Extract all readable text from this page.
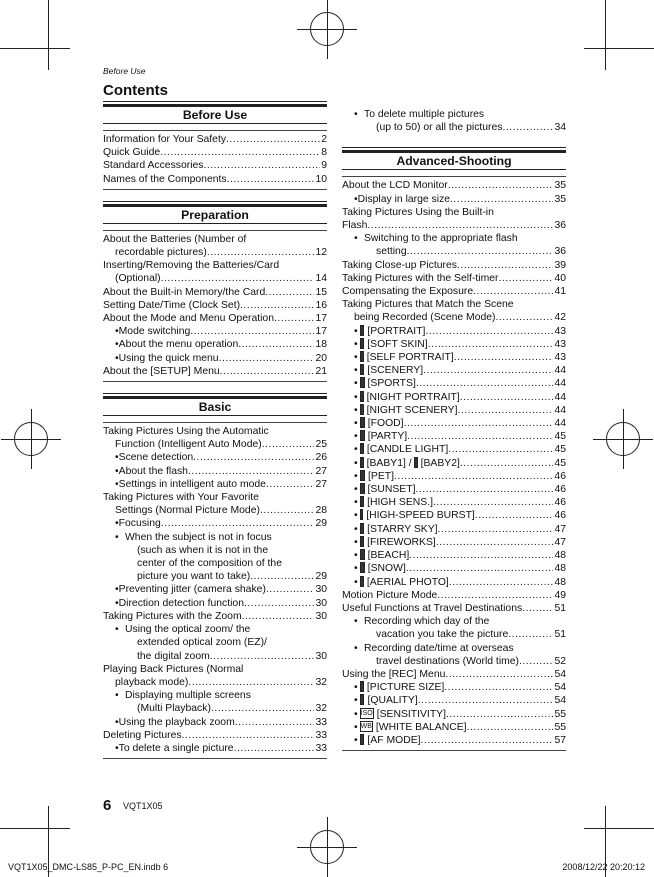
Before Use
Contents
Before Use
Information for Your Safety .....	2
Quick Guide .....	8
Standard Accessories .....	9
Names of the Components .....	10
Preparation
About the Batteries (Number of
recordable pictures) .....	12
Inserting/Removing the Batteries/Card
(Optional) .....	14
About the Built-in Memory/the Card .....	15
Setting Date/Time (Clock Set) .....	16
About the Mode and Menu Operation .....	17
• Mode switching .....	17
• About the menu operation .....	18
• Using the quick menu .....	20
About the [SETUP] Menu .....	21
Basic
Taking Pictures Using the Automatic
Function (Intelligent Auto Mode) .....	25
• Scene detection .....	26
• About the flash .....	27
• Settings in intelligent auto mode .....	27
Taking Pictures with Your Favorite
Settings (Normal Picture Mode) .....	28
• Focusing .....	29
• When the subject is not in focus
(such as when it is not in the
center of the composition of the
picture you want to take) .....	29
• Preventing jitter (camera shake) .....	30
• Direction detection function .....	30
Taking Pictures with the Zoom .....	30
• Using the optical zoom/ the
extended optical zoom (EZ)/
the digital zoom .....	30
Playing Back Pictures (Normal
playback mode) .....	32
• Displaying multiple screens
(Multi Playback) .....	32
• Using the playback zoom .....	33
Deleting Pictures .....	33
• To delete a single picture .....	33
• To delete multiple pictures
(up to 50) or all the pictures .....	34
Advanced-Shooting
About the LCD Monitor .....	35
• Display in large size .....	35
Taking Pictures Using the Built-in
Flash .....	36
• Switching to the appropriate flash
setting .....	36
Taking Close-up Pictures .....	39
Taking Pictures with the Self-timer .....	40
Compensating the Exposure .....	41
Taking Pictures that Match the Scene
being Recorded (Scene Mode) .....	42
• [PORTRAIT] .....	43
• [SOFT SKIN] .....	43
• [SELF PORTRAIT] .....	43
• [SCENERY] .....	44
• [SPORTS] .....	44
• [NIGHT PORTRAIT] .....	44
• [NIGHT SCENERY] .....	44
• [FOOD] .....	44
• [PARTY] .....	45
• [CANDLE LIGHT] .....	45
• [BABY1] / [BABY2] .....	45
• [PET] .....	46
• [SUNSET] .....	46
• [HIGH SENS.] .....	46
• [HIGH-SPEED BURST] .....	46
• [STARRY SKY] .....	47
• [FIREWORKS] .....	47
• [BEACH] .....	48
• [SNOW] .....	48
• [AERIAL PHOTO] .....	48
Motion Picture Mode .....	49
Useful Functions at Travel Destinations .....	51
• Recording which day of the
vacation you take the picture .....	51
• Recording date/time at overseas
travel destinations (World time) .....	52
Using the [REC] Menu .....	54
• [PICTURE SIZE] .....	54
• [QUALITY] .....	54
• ISO [SENSITIVITY] .....	55
• WB [WHITE BALANCE] .....	55
• [AF MODE] .....	57
6 VQT1X05
VQT1X05_DMC-LS85_P-PC_EN.indb 6	2008/12/22 20:20:12
